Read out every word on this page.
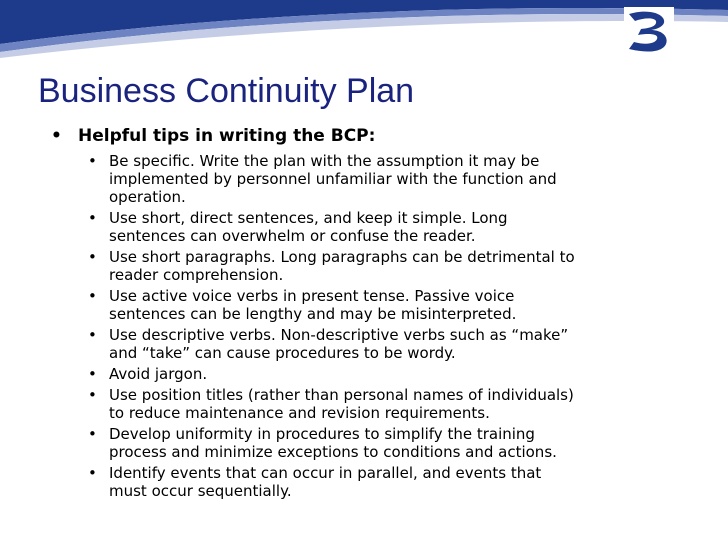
Business Continuity Plan
• Helpful tips in writing the BCP:
• Be specific. Write the plan with the assumption it may be
implemented by personnel unfamiliar with the function and
operation.
• Use short, direct sentences, and keep it simple. Long
sentences can overwhelm or confuse the reader.
• Use short paragraphs. Long paragraphs can be detrimental to
reader comprehension.
• Use active voice verbs in present tense. Passive voice
sentences can be lengthy and may be misinterpreted.
• Use descriptive verbs. Non-descriptive verbs such as “make”
and “take” can cause procedures to be wordy.
• Avoid jargon.
• Use position titles (rather than personal names of individuals)
to reduce maintenance and revision requirements.
• Develop uniformity in procedures to simplify the training
process and minimize exceptions to conditions and actions.
• Identify events that can occur in parallel, and events that
must occur sequentially.
